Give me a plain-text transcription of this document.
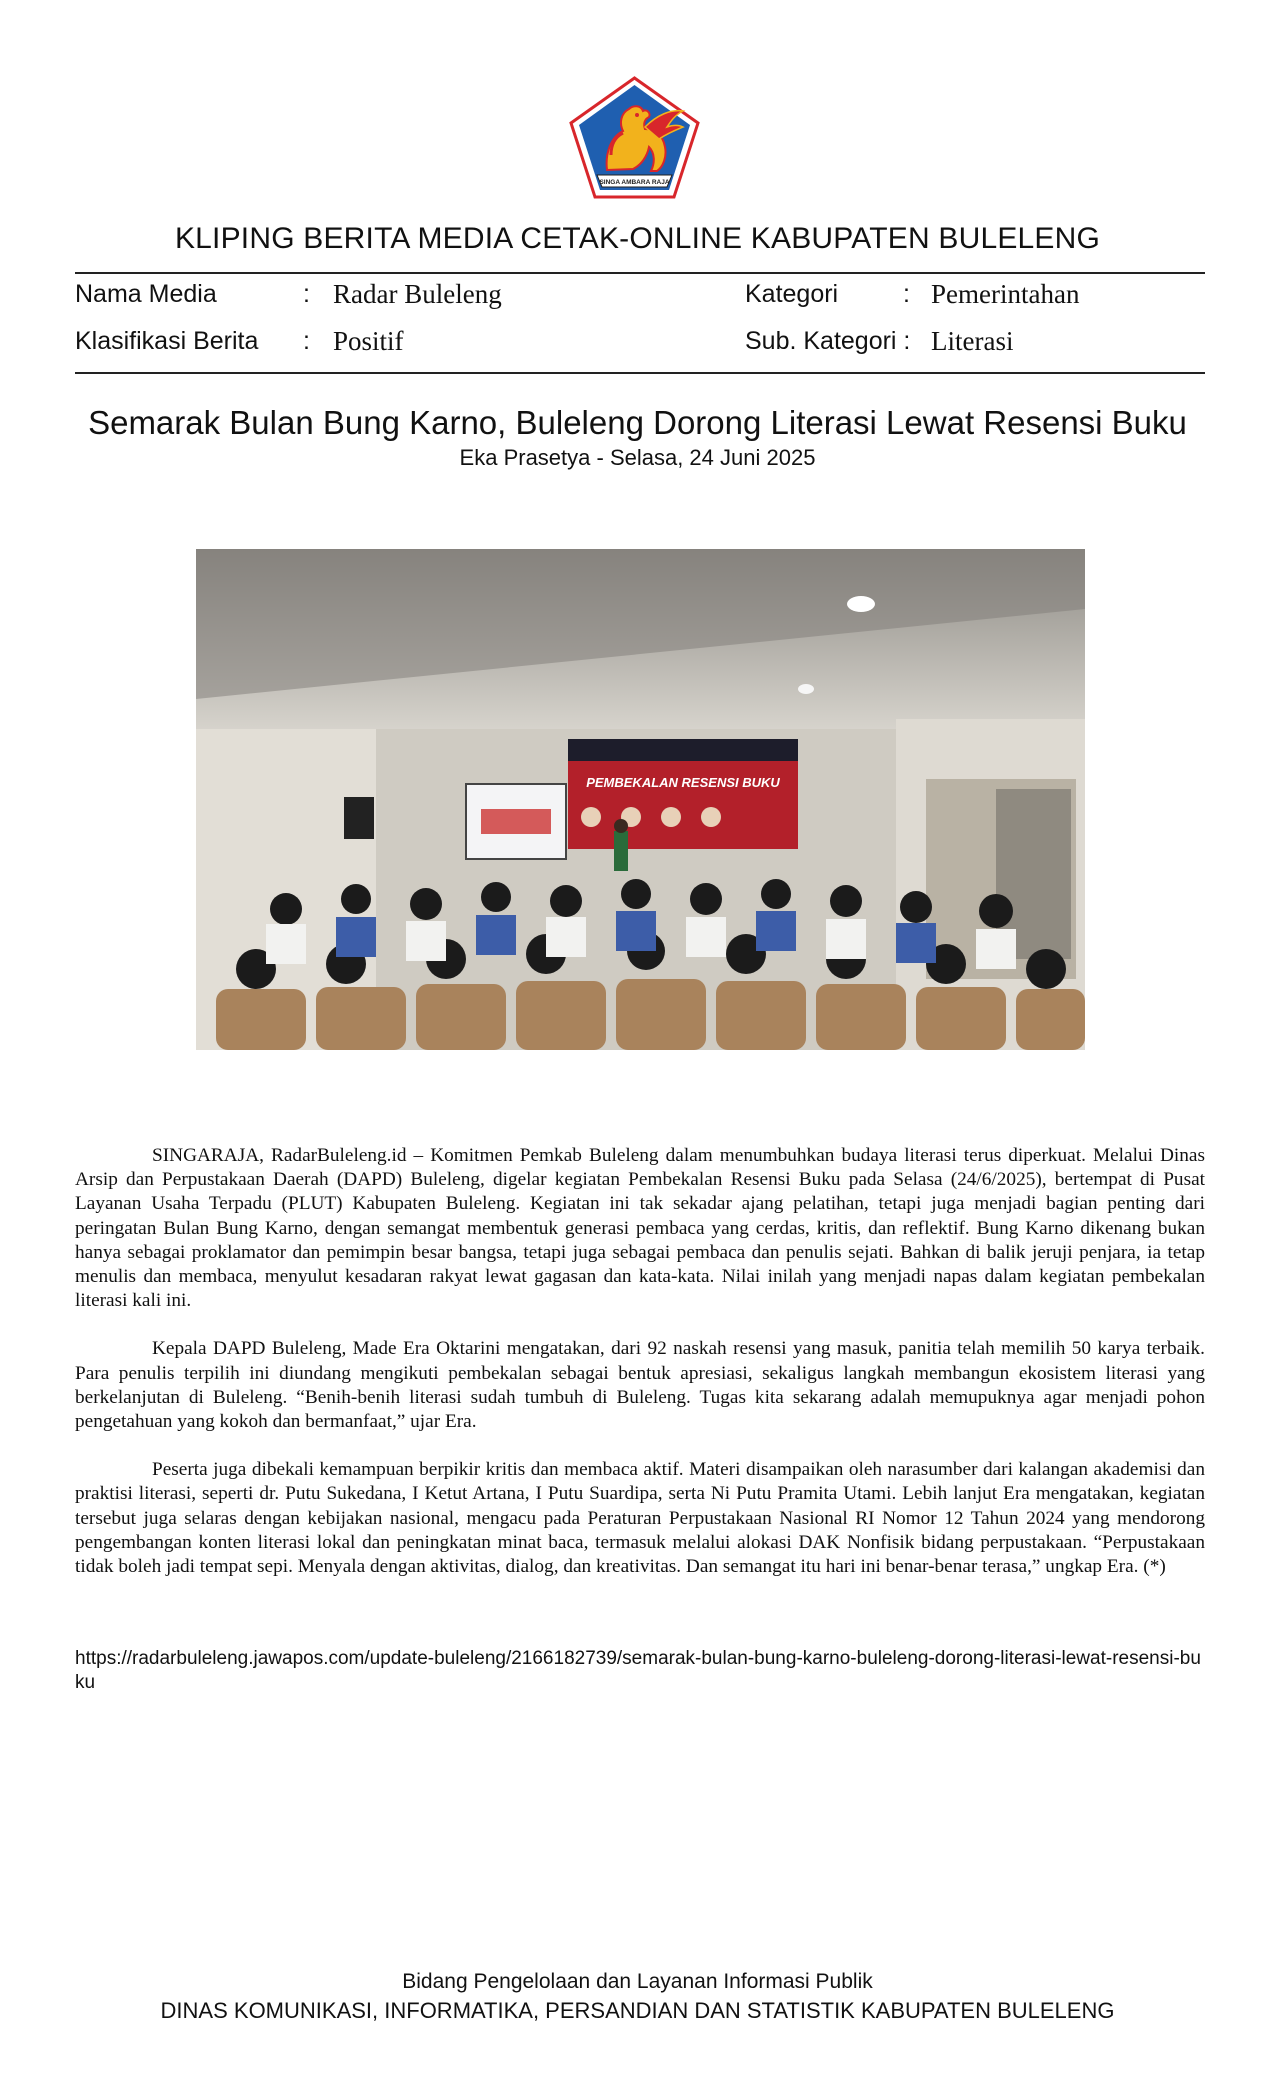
SINGA AMBARA RAJA
KLIPING BERITA MEDIA CETAK-ONLINE KABUPATEN BULELENG
Nama Media	: Radar Buleleng	Kategori	: Pemerintahan
Klasifikasi Berita : Positif	Sub. Kategori : Literasi
Semarak Bulan Bung Karno, Buleleng Dorong Literasi Lewat Resensi Buku
Eka Prasetya - Selasa, 24 Juni 2025
PEMBEKALAN RESENSI BUKU

SINGARAJA, RadarBuleleng.id – Komitmen Pemkab Buleleng dalam menumbuhkan budaya literasi terus diperkuat. Melalui Dinas Arsip dan Perpustakaan Daerah (DAPD) Buleleng, digelar kegiatan Pembekalan Resensi Buku pada Selasa (24/6/2025), bertempat di Pusat Layanan Usaha Terpadu (PLUT) Kabupaten Buleleng. Kegiatan ini tak sekadar ajang pelatihan, tetapi juga menjadi bagian penting dari peringatan Bulan Bung Karno, dengan semangat membentuk generasi pembaca yang cerdas, kritis, dan reflektif. Bung Karno dikenang bukan hanya sebagai proklamator dan pemimpin besar bangsa, tetapi juga sebagai pembaca dan penulis sejati. Bahkan di balik jeruji penjara, ia tetap menulis dan membaca, menyulut kesadaran rakyat lewat gagasan dan kata-kata. Nilai inilah yang menjadi napas dalam kegiatan pembekalan literasi kali ini.

Kepala DAPD Buleleng, Made Era Oktarini mengatakan, dari 92 naskah resensi yang masuk, panitia telah memilih 50 karya terbaik. Para penulis terpilih ini diundang mengikuti pembekalan sebagai bentuk apresiasi, sekaligus langkah membangun ekosistem literasi yang berkelanjutan di Buleleng. “Benih-benih literasi sudah tumbuh di Buleleng. Tugas kita sekarang adalah memupuknya agar menjadi pohon pengetahuan yang kokoh dan bermanfaat,” ujar Era.

Peserta juga dibekali kemampuan berpikir kritis dan membaca aktif. Materi disampaikan oleh narasumber dari kalangan akademisi dan praktisi literasi, seperti dr. Putu Sukedana, I Ketut Artana, I Putu Suardipa, serta Ni Putu Pramita Utami. Lebih lanjut Era mengatakan, kegiatan tersebut juga selaras dengan kebijakan nasional, mengacu pada Peraturan Perpustakaan Nasional RI Nomor 12 Tahun 2024 yang mendorong pengembangan konten literasi lokal dan peningkatan minat baca, termasuk melalui alokasi DAK Nonfisik bidang perpustakaan. “Perpustakaan tidak boleh jadi tempat sepi. Menyala dengan aktivitas, dialog, dan kreativitas. Dan semangat itu hari ini benar-benar terasa,” ungkap Era. (*)

https://radarbuleleng.jawapos.com/update-buleleng/2166182739/semarak-bulan-bung-karno-buleleng-dorong-literasi-lewat-resensi-buku
Bidang Pengelolaan dan Layanan Informasi Publik
DINAS KOMUNIKASI, INFORMATIKA, PERSANDIAN DAN STATISTIK KABUPATEN BULELENG
